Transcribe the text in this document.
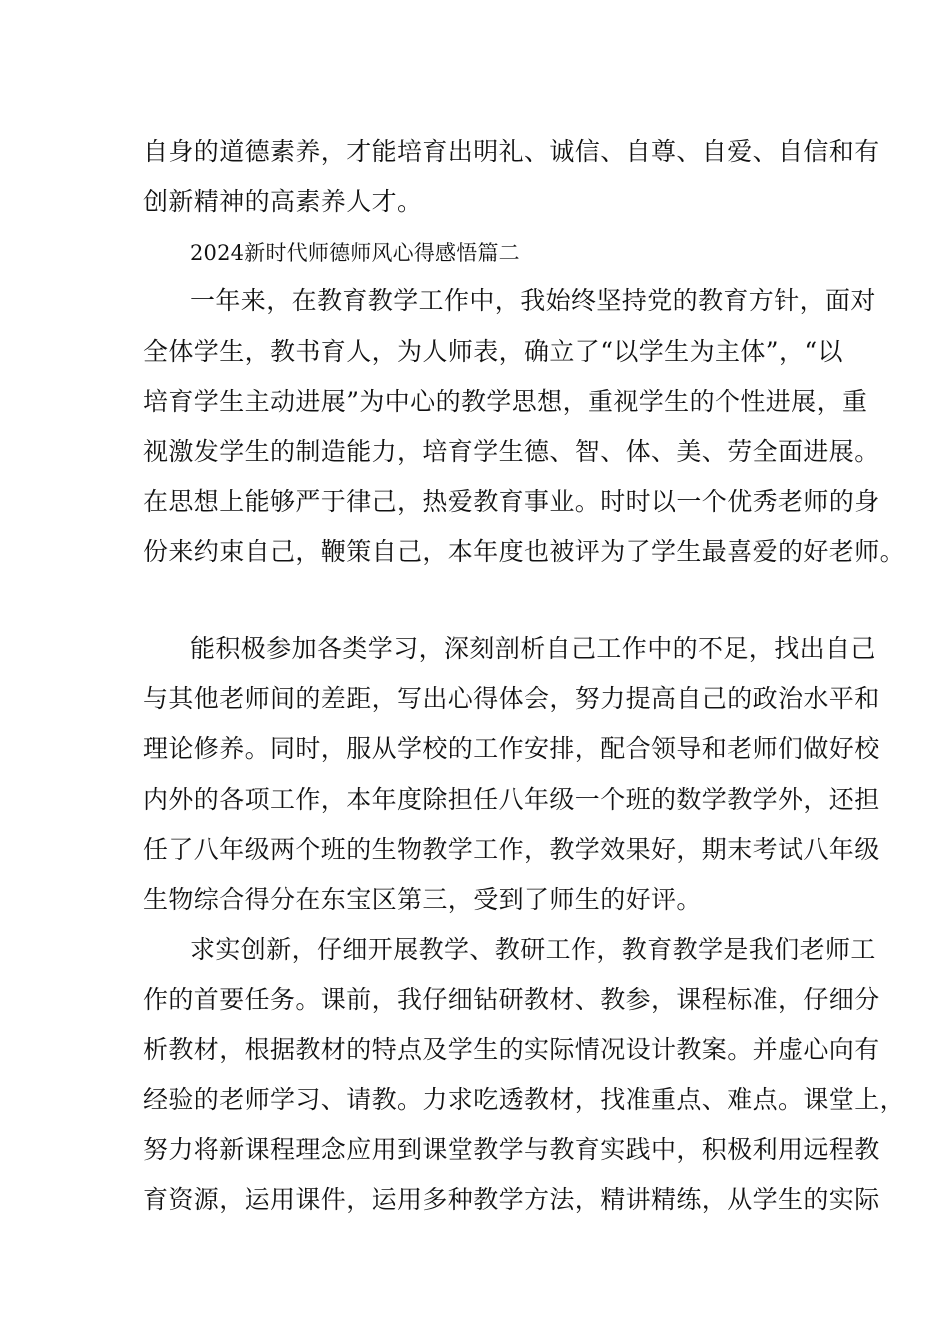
自身的道德素养，才能培育出明礼、诚信、自尊、自爱、自信和有
创新精神的高素养人才。
2024新时代师德师风心得感悟篇二
一年来，在教育教学工作中，我始终坚持党的教育方针，面对
全体学生，教书育人，为人师表，确立了“以学生为主体”，“以
培育学生主动进展”为中心的教学思想，重视学生的个性进展，重
视激发学生的制造能力，培育学生德、智、体、美、劳全面进展。
在思想上能够严于律己，热爱教育事业。时时以一个优秀老师的身
份来约束自己，鞭策自己，本年度也被评为了学生最喜爱的好老师。
能积极参加各类学习，深刻剖析自己工作中的不足，找出自己
与其他老师间的差距，写出心得体会，努力提高自己的政治水平和
理论修养。同时，服从学校的工作安排，配合领导和老师们做好校
内外的各项工作，本年度除担任八年级一个班的数学教学外，还担
任了八年级两个班的生物教学工作，教学效果好，期末考试八年级
生物综合得分在东宝区第三，受到了师生的好评。
求实创新，仔细开展教学、教研工作，教育教学是我们老师工
作的首要任务。课前，我仔细钻研教材、教参，课程标准，仔细分
析教材，根据教材的特点及学生的实际情况设计教案。并虚心向有
经验的老师学习、请教。力求吃透教材，找准重点、难点。课堂上，
努力将新课程理念应用到课堂教学与教育实践中，积极利用远程教
育资源，运用课件，运用多种教学方法，精讲精练，从学生的实际
